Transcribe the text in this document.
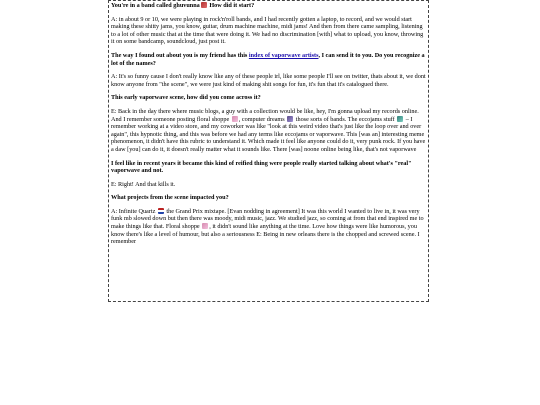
You're in a band called ghuvunna How did it start?

A: in about 9 or 10, we were playing in rock'n'roll bands, and I had recently gotten a laptop, to record, and we would start making these shitty jams, you know, guitar, drum machine machine, midi jams! And then from there came sampling, listening to a lot of other music that at the time that were doing it. We had no discrimination [with] what to upload, you know, throwing it on some bandcamp, soundcloud, just post it.

The way I found out about you is my friend has this index of vaporwave artists, I can send it to you. Do you recognize a lot of the names?

A: It's so funny cause I don't really know like any of these people irl, like some people I'll see on twitter, thats about it, we dont know anyone from "the scene", we were just kind of making shit songs for fun, it's fun that it's catalogued there.

This early vaporwave scene, how did you come across it?

E: Back in the day there where music blogs, a guy with a collection would be like, hey, I'm gonna upload my records online. And I remember someone posting floral shoppe , computer dreams  those sorts of bands. The eccojams stuff  – I remember working at a video store, and my coworker was like "look at this weird video that's just like the loop over and over again", this hypnotic thing, and this was before we had any terms like eccojams or vaporwave. This [was an] interesting meme phenomenon, it didn't have this rubric to understand it. Which made it feel like anyone could do it, very punk rock. If you have a daw [you] can do it, it doesn't really matter what it sounds like. There [was] noone online being like, that's not vaporwave

I feel like in recent years it became this kind of reified thing were people really started talking about what's "real" vaporwave and not.

E: Right! And that kills it.

What projects from the scene impacted you?

A: Infinite Quartz  the Grand Prix mixtape. [Evan nodding in agreement] It was this world I wanted to live in, it was very funk mb slowed down but then there was moody, midi music, jazz. We studied jazz, so coming at from that end inspired me to make things like that. Floral shoppe , it didn't sound like anything at the time. Love how things were like humorous, you know there's like a level of humour, but also a seriousness E: Being in new orleans there is the chopped and screwed scene. I remember
